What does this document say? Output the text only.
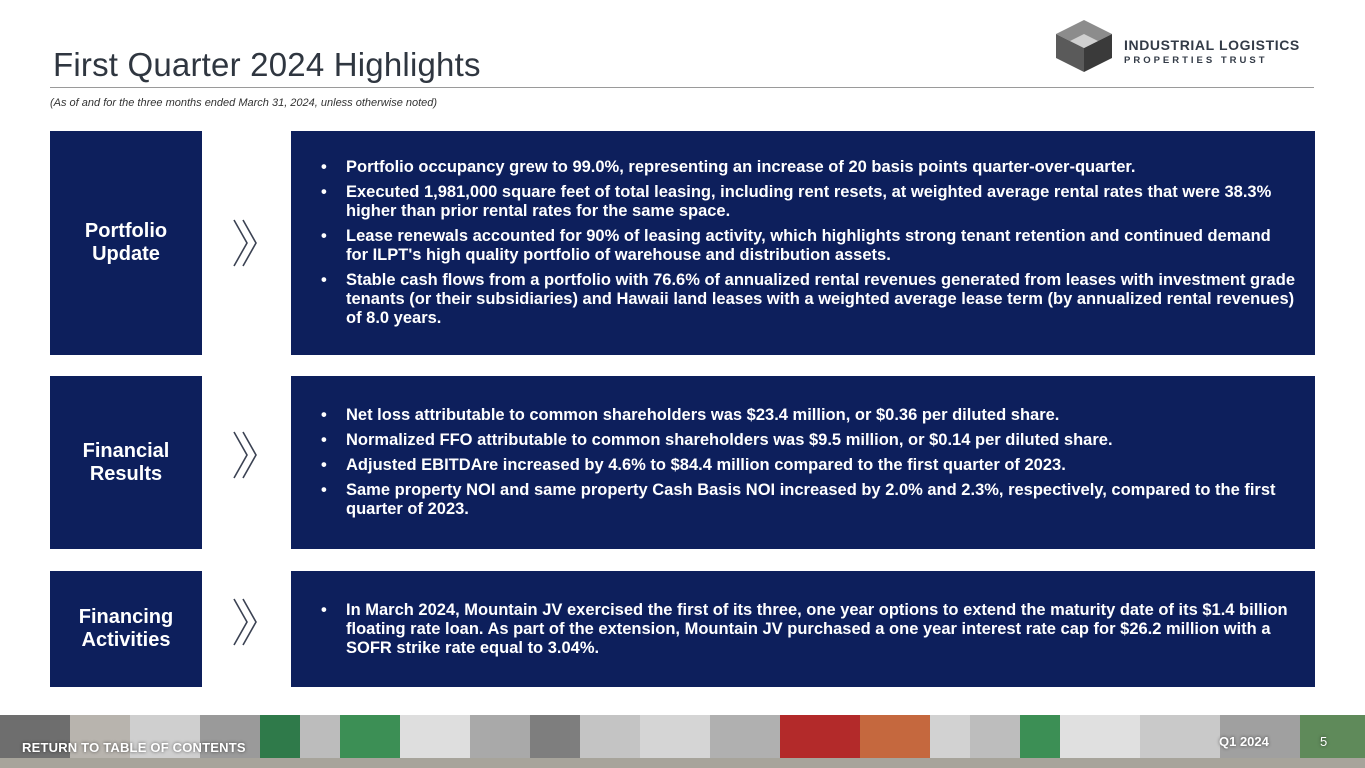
First Quarter 2024 Highlights
(As of and for the three months ended March 31, 2024, unless otherwise noted)
INDUSTRIAL LOGISTICS
PROPERTIES TRUST
Portfolio
Update
• Portfolio occupancy grew to 99.0%, representing an increase of 20 basis points quarter-over-quarter.
• Executed 1,981,000 square feet of total leasing, including rent resets, at weighted average rental rates that were 38.3% higher than prior rental rates for the same space.
• Lease renewals accounted for 90% of leasing activity, which highlights strong tenant retention and continued demand for ILPT's high quality portfolio of warehouse and distribution assets.
• Stable cash flows from a portfolio with 76.6% of annualized rental revenues generated from leases with investment grade tenants (or their subsidiaries) and Hawaii land leases with a weighted average lease term (by annualized rental revenues) of 8.0 years.
Financial
Results
• Net loss attributable to common shareholders was $23.4 million, or $0.36 per diluted share.
• Normalized FFO attributable to common shareholders was $9.5 million, or $0.14 per diluted share.
• Adjusted EBITDAre increased by 4.6% to $84.4 million compared to the first quarter of 2023.
• Same property NOI and same property Cash Basis NOI increased by 2.0% and 2.3%, respectively, compared to the first quarter of 2023.
Financing
Activities
• In March 2024, Mountain JV exercised the first of its three, one year options to extend the maturity date of its $1.4 billion floating rate loan. As part of the extension, Mountain JV purchased a one year interest rate cap for $26.2 million with a SOFR strike rate equal to 3.04%.
RETURN TO TABLE OF CONTENTS	Q1 2024	5
